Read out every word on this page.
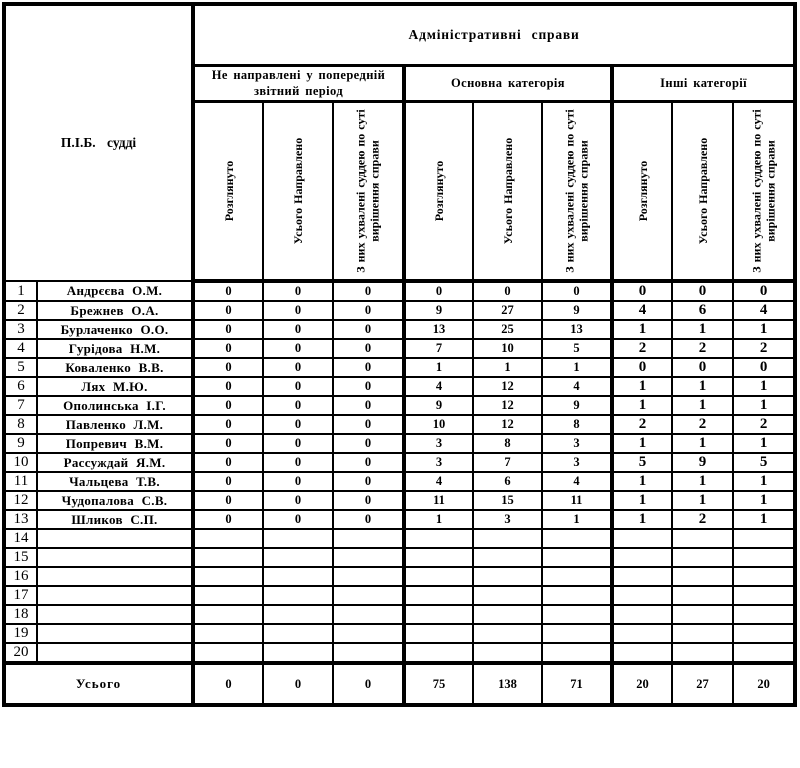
П.І.Б. судді		Адміністративні справи								
		Не направлені у попередній звітний період			Основна категорія			Інші категорії		

		Розглянуто	Усього Направлено	З них ухвалені суддею по суті вирішення справи	Розглянуто	Усього Направлено	З них ухвалені суддею по суті вирішення справи	Розглянуто	Усього Направлено	З них ухвалені суддею по суті вирішення справи

1	Андрєєва О.М.	0	0	0	0	0	0	0	0	0
2	Брежнев О.А.	0	0	0	9	27	9	4	6	4
3	Бурлаченко О.О.	0	0	0	13	25	13	1	1	1
4	Гурідова Н.М.	0	0	0	7	10	5	2	2	2
5	Коваленко В.В.	0	0	0	1	1	1	0	0	0
6	Лях М.Ю.	0	0	0	4	12	4	1	1	1
7	Ополинська І.Г.	0	0	0	9	12	9	1	1	1
8	Павленко Л.М.	0	0	0	10	12	8	2	2	2
9	Попревич В.М.	0	0	0	3	8	3	1	1	1
10	Рассуждай Я.М.	0	0	0	3	7	3	5	9	5
11	Чальцева Т.В.	0	0	0	4	6	4	1	1	1
12	Чудопалова С.В.	0	0	0	11	15	11	1	1	1
13	Шликов С.П.	0	0	0	1	3	1	1	2	1
14										
15										
16										
17										
18										
19										
20										
Усього		0	0	0	75	138	71	20	27	20
